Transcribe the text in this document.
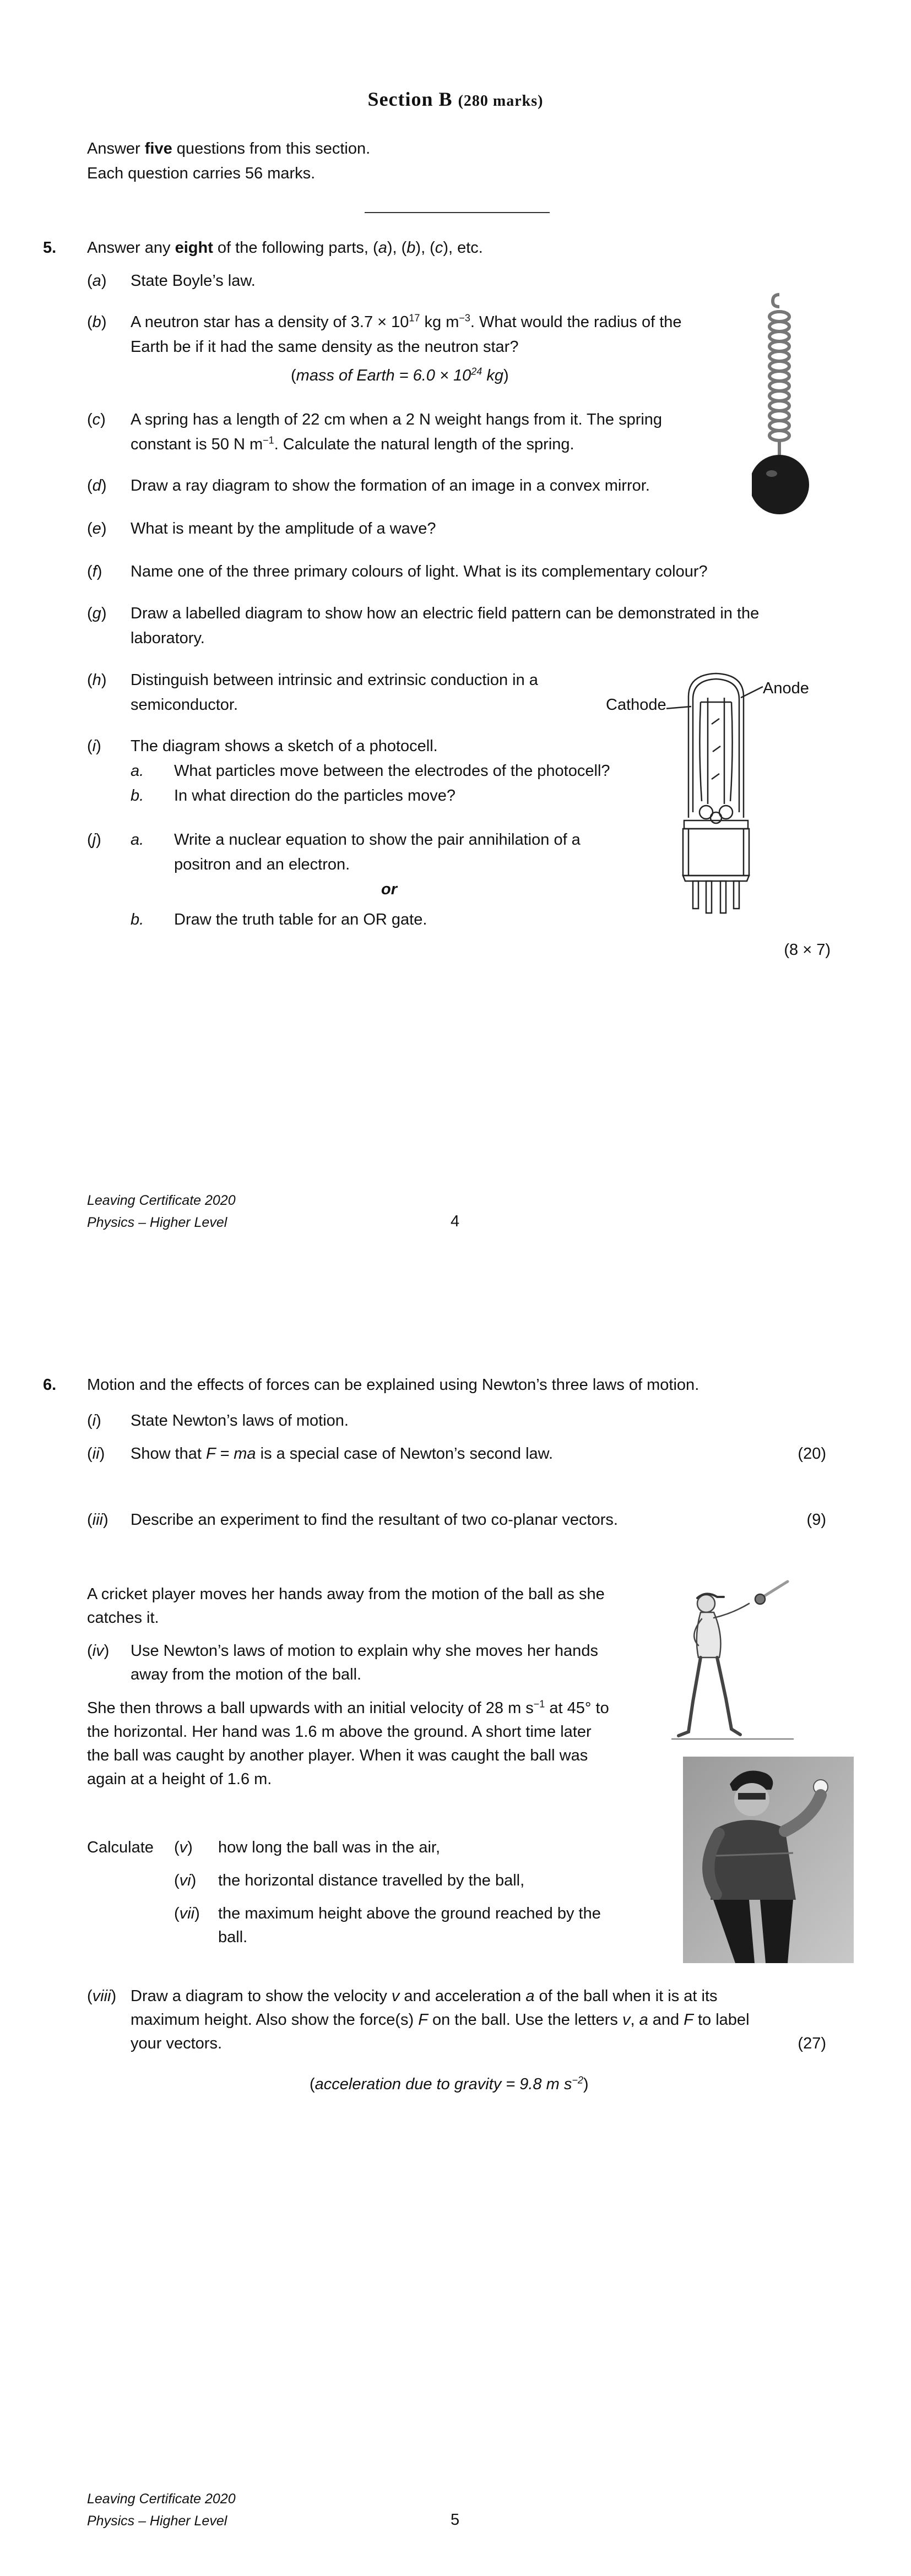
Section B (280 marks)
Answer five questions from this section.
Each question carries 56 marks.
5. Answer any eight of the following parts, (a), (b), (c), etc.
(a) State Boyle’s law.
(b) A neutron star has a density of $3.7 \times 10^{17}$ kg $m^{-3}$. What would the radius of the
Earth be if it had the same density as the neutron star?
(mass of Earth = $6.0 \times 10^{24}$ kg)
(c) A spring has a length of 22 cm when a 2 N weight hangs from it. The spring
constant is 50 N $m^{-1}$. Calculate the natural length of the spring.
(d) Draw a ray diagram to show the formation of an image in a convex mirror.
(e) What is meant by the amplitude of a wave?
(f) Name one of the three primary colours of light. What is its complementary colour?
(g) Draw a labelled diagram to show how an electric field pattern can be demonstrated in the
laboratory.
(h) Distinguish between intrinsic and extrinsic conduction in a
semiconductor.
(i) The diagram shows a sketch of a photocell.
a. What particles move between the electrodes of the photocell?
b. In what direction do the particles move?
(j) a. Write a nuclear equation to show the pair annihilation of a
positron and an electron.
or
b. Draw the truth table for an OR gate.
(8 × 7)
Cathode
Anode
Leaving Certificate 2020
Physics – Higher Level	4
6. Motion and the effects of forces can be explained using Newton’s three laws of motion.
(i) State Newton’s laws of motion.
(ii) Show that F = ma is a special case of Newton’s second law.	(20)
(iii) Describe an experiment to find the resultant of two co-planar vectors.	(9)
A cricket player moves her hands away from the motion of the ball as she
catches it.
(iv) Use Newton’s laws of motion to explain why she moves her hands
away from the motion of the ball.
She then throws a ball upwards with an initial velocity of 28 m $s^{-1}$ at 45° to
the horizontal. Her hand was 1.6 m above the ground. A short time later
the ball was caught by another player. When it was caught the ball was
again at a height of 1.6 m.
Calculate (v) how long the ball was in the air,
(vi) the horizontal distance travelled by the ball,
(vii) the maximum height above the ground reached by the
ball.
(viii) Draw a diagram to show the velocity v and acceleration a of the ball when it is at its
maximum height. Also show the force(s) F on the ball. Use the letters v, a and F to label
your vectors.	(27)
(acceleration due to gravity = 9.8 m $s^{-2}$)
Leaving Certificate 2020
Physics – Higher Level	5
